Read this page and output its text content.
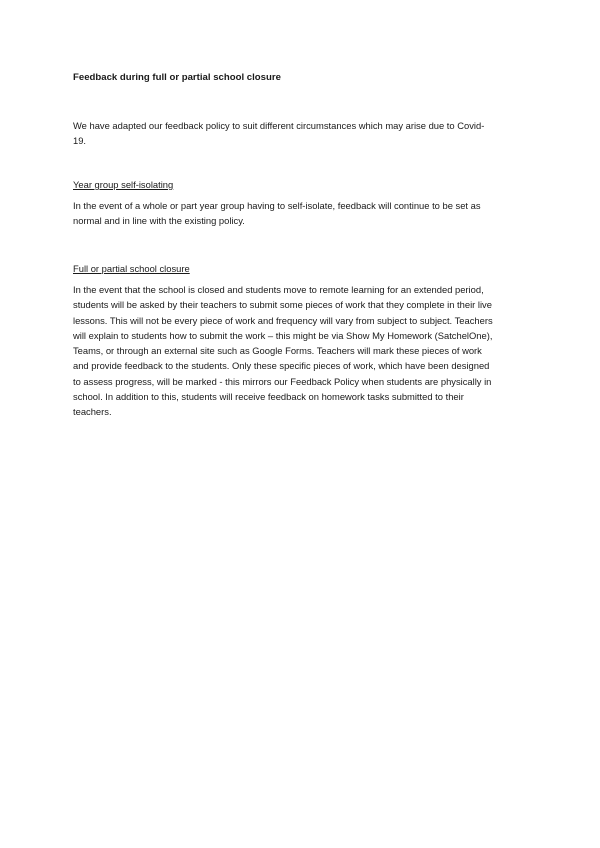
Feedback during full or partial school closure

We have adapted our feedback policy to suit different circumstances which may arise due to Covid-
19.

Year group self-isolating

In the event of a whole or part year group having to self-isolate, feedback will continue to be set as
normal and in line with the existing policy.

Full or partial school closure

In the event that the school is closed and students move to remote learning for an extended period,
students will be asked by their teachers to submit some pieces of work that they complete in their live
lessons. This will not be every piece of work and frequency will vary from subject to subject. Teachers
will explain to students how to submit the work – this might be via Show My Homework (SatchelOne),
Teams, or through an external site such as Google Forms. Teachers will mark these pieces of work
and provide feedback to the students. Only these specific pieces of work, which have been designed
to assess progress, will be marked - this mirrors our Feedback Policy when students are physically in
school. In addition to this, students will receive feedback on homework tasks submitted to their
teachers.
